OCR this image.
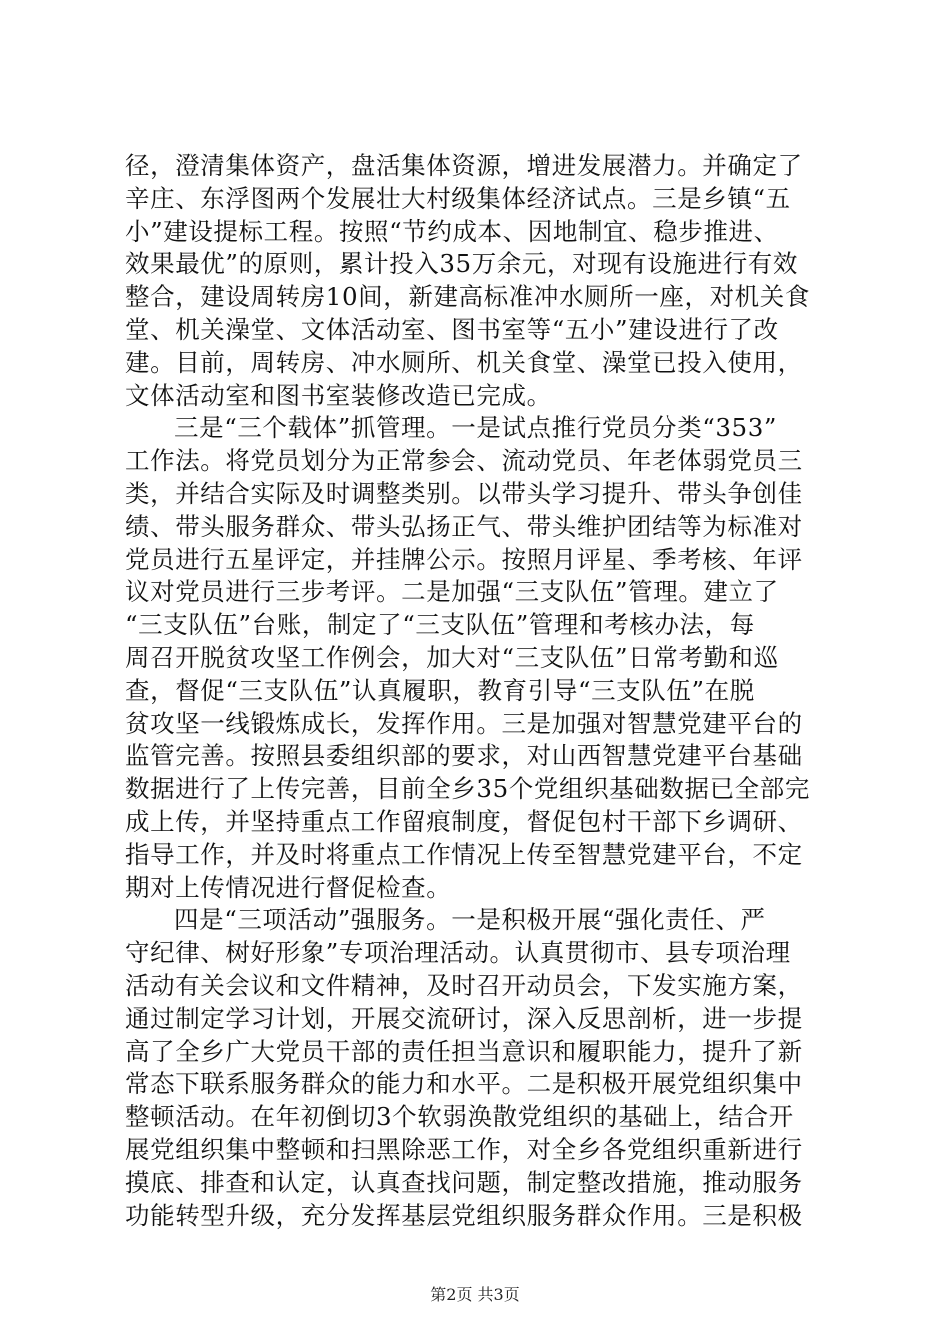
径，澄清集体资产，盘活集体资源，增进发展潜力。并确定了
辛庄、东浮图两个发展壮大村级集体经济试点。三是乡镇“五
小”建设提标工程。按照“节约成本、因地制宜、稳步推进、
效果最优”的原则，累计投入35万余元，对现有设施进行有效
整合，建设周转房10间，新建高标准冲水厕所一座，对机关食
堂、机关澡堂、文体活动室、图书室等“五小”建设进行了改
建。目前，周转房、冲水厕所、机关食堂、澡堂已投入使用，
文体活动室和图书室装修改造已完成。
三是“三个载体”抓管理。一是试点推行党员分类“353”
工作法。将党员划分为正常参会、流动党员、年老体弱党员三
类，并结合实际及时调整类别。以带头学习提升、带头争创佳
绩、带头服务群众、带头弘扬正气、带头维护团结等为标准对
党员进行五星评定，并挂牌公示。按照月评星、季考核、年评
议对党员进行三步考评。二是加强“三支队伍”管理。建立了
“三支队伍”台账，制定了“三支队伍”管理和考核办法，每
周召开脱贫攻坚工作例会，加大对“三支队伍”日常考勤和巡
查，督促“三支队伍”认真履职，教育引导“三支队伍”在脱
贫攻坚一线锻炼成长，发挥作用。三是加强对智慧党建平台的
监管完善。按照县委组织部的要求，对山西智慧党建平台基础
数据进行了上传完善，目前全乡35个党组织基础数据已全部完
成上传，并坚持重点工作留痕制度，督促包村干部下乡调研、
指导工作，并及时将重点工作情况上传至智慧党建平台，不定
期对上传情况进行督促检查。
四是“三项活动”强服务。一是积极开展“强化责任、严
守纪律、树好形象”专项治理活动。认真贯彻市、县专项治理
活动有关会议和文件精神，及时召开动员会，下发实施方案，
通过制定学习计划，开展交流研讨，深入反思剖析，进一步提
高了全乡广大党员干部的责任担当意识和履职能力，提升了新
常态下联系服务群众的能力和水平。二是积极开展党组织集中
整顿活动。在年初倒切3个软弱涣散党组织的基础上，结合开
展党组织集中整顿和扫黑除恶工作，对全乡各党组织重新进行
摸底、排查和认定，认真查找问题，制定整改措施，推动服务
功能转型升级，充分发挥基层党组织服务群众作用。三是积极
第2页 共3页
